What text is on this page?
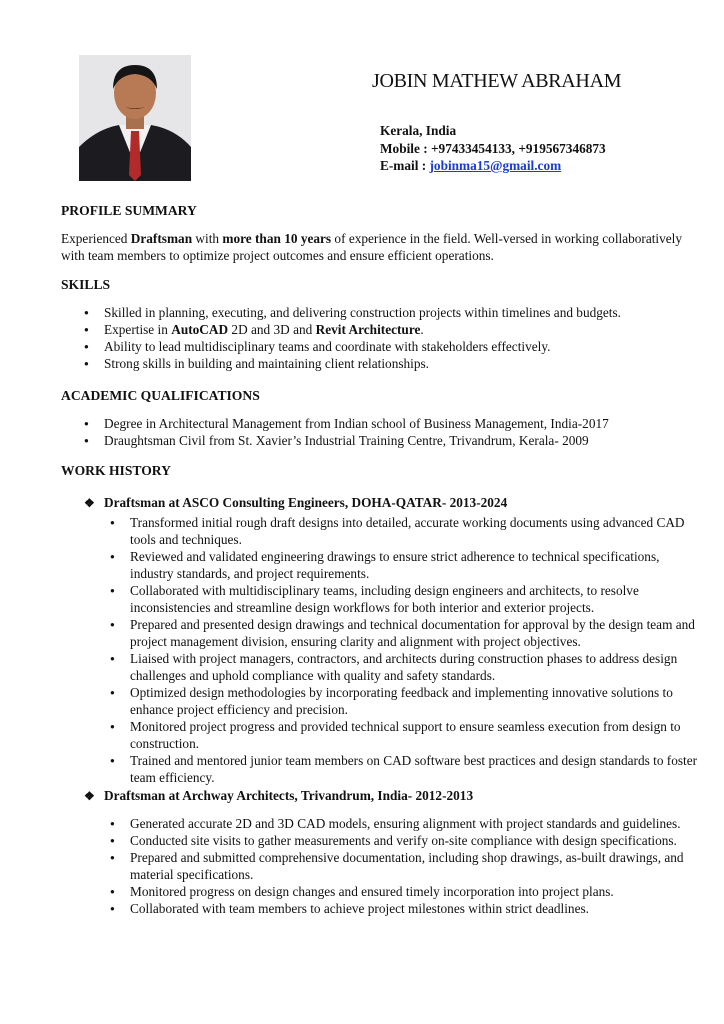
JOBIN MATHEW ABRAHAM
Kerala, India
Mobile : +97433454133, +919567346873
E-mail : jobinma15@gmail.com
PROFILE SUMMARY
Experienced Draftsman with more than 10 years of experience in the field. Well-versed in working collaboratively with team members to optimize project outcomes and ensure efficient operations.
SKILLS
● Skilled in planning, executing, and delivering construction projects within timelines and budgets.
● Expertise in AutoCAD 2D and 3D and Revit Architecture.
● Ability to lead multidisciplinary teams and coordinate with stakeholders effectively.
● Strong skills in building and maintaining client relationships.
ACADEMIC QUALIFICATIONS
● Degree in Architectural Management from Indian school of Business Management, India-2017
● Draughtsman Civil from St. Xavier’s Industrial Training Centre, Trivandrum, Kerala- 2009
WORK HISTORY
❖ Draftsman at ASCO Consulting Engineers, DOHA-QATAR- 2013-2024
● Transformed initial rough draft designs into detailed, accurate working documents using advanced CAD tools and techniques.
● Reviewed and validated engineering drawings to ensure strict adherence to technical specifications, industry standards, and project requirements.
● Collaborated with multidisciplinary teams, including design engineers and architects, to resolve inconsistencies and streamline design workflows for both interior and exterior projects.
● Prepared and presented design drawings and technical documentation for approval by the design team and project management division, ensuring clarity and alignment with project objectives.
● Liaised with project managers, contractors, and architects during construction phases to address design challenges and uphold compliance with quality and safety standards.
● Optimized design methodologies by incorporating feedback and implementing innovative solutions to enhance project efficiency and precision.
● Monitored project progress and provided technical support to ensure seamless execution from design to construction.
● Trained and mentored junior team members on CAD software best practices and design standards to foster team efficiency.
❖ Draftsman at Archway Architects, Trivandrum, India- 2012-2013
● Generated accurate 2D and 3D CAD models, ensuring alignment with project standards and guidelines.
● Conducted site visits to gather measurements and verify on-site compliance with design specifications.
● Prepared and submitted comprehensive documentation, including shop drawings, as-built drawings, and material specifications.
● Monitored progress on design changes and ensured timely incorporation into project plans.
● Collaborated with team members to achieve project milestones within strict deadlines.
